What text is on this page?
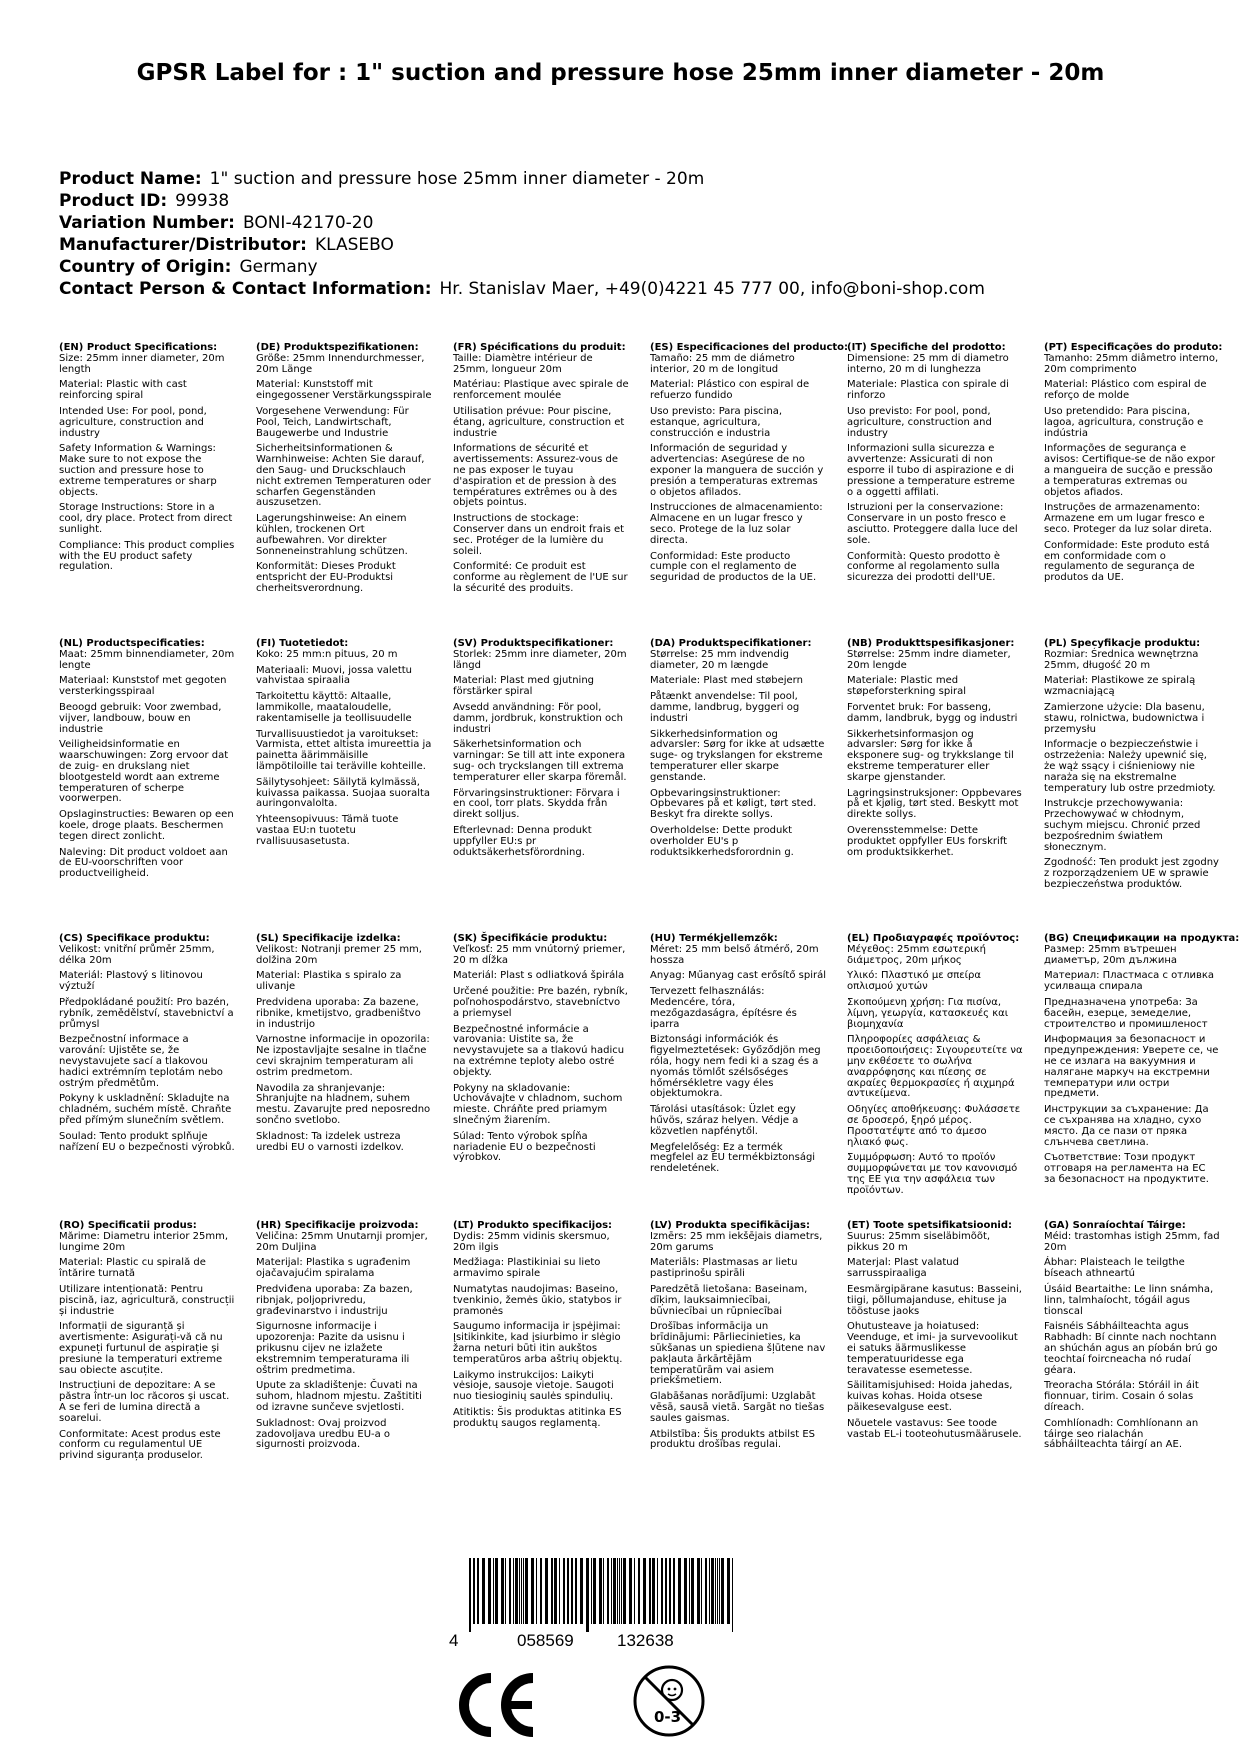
GPSR Label for : 1" suction and pressure hose 25mm inner diameter - 20m
Product Name: 1" suction and pressure hose 25mm inner diameter - 20m
Product ID: 99938
Variation Number: BONI-42170-20
Manufacturer/Distributor: KLASEBO
Country of Origin: Germany
Contact Person & Contact Information: Hr. Stanislav Maer, +49(0)4221 45 777 00, info@boni-shop.com
(EN) Product Specifications:

Size: 25mm inner diameter, 20m length

Material: Plastic with cast reinforcing spiral

Intended Use: For pool, pond, agriculture, construction and industry

Safety Information & Warnings: Make sure to not expose the suction and pressure hose to extreme temperatures or sharp objects.

Storage Instructions: Store in a cool, dry place. Protect from direct sunlight.

Compliance: This product complies with the EU product safety regulation.

(DE) Produktspezifikationen:

Größe: 25mm Innendurchmesser, 20m Länge

Material: Kunststoff mit eingegossener Verstärkungsspirale

Vorgesehene Verwendung: Für Pool, Teich, Landwirtschaft, Baugewerbe und Industrie

Sicherheitsinformationen & Warnhinweise: Achten Sie darauf, den Saug- und Druckschlauch nicht extremen Temperaturen oder scharfen Gegenständen auszusetzen.

Lagerungshinweise: An einem kühlen, trockenen Ort aufbewahren. Vor direkter Sonneneinstrahlung schützen.

Konformität: Dieses Produkt entspricht der EU-Produktsi cherheitsverordnung.

(FR) Spécifications du produit:

Taille: Diamètre intérieur de 25mm, longueur 20m

Matériau: Plastique avec spirale de renforcement moulée

Utilisation prévue: Pour piscine, étang, agriculture, construction et industrie

Informations de sécurité et avertissements: Assurez-vous de ne pas exposer le tuyau d'aspiration et de pression à des températures extrêmes ou à des objets pointus.

Instructions de stockage: Conserver dans un endroit frais et sec. Protéger de la lumière du soleil.

Conformité: Ce produit est conforme au règlement de l'UE sur la sécurité des produits.

(ES) Especificaciones del producto:

Tamaño: 25 mm de diámetro interior, 20 m de longitud

Material: Plástico con espiral de refuerzo fundido

Uso previsto: Para piscina, estanque, agricultura, construcción e industria

Información de seguridad y advertencias: Asegúrese de no exponer la manguera de succión y presión a temperaturas extremas o objetos afilados.

Instrucciones de almacenamiento: Almacene en un lugar fresco y seco. Protege de la luz solar directa.

Conformidad: Este producto cumple con el reglamento de seguridad de productos de la UE.

(IT) Specifiche del prodotto:

Dimensione: 25 mm di diametro interno, 20 m di lunghezza

Materiale: Plastica con spirale di rinforzo

Uso previsto: For pool, pond, agriculture, construction and industry

Informazioni sulla sicurezza e avvertenze: Assicurati di non esporre il tubo di aspirazione e di pressione a temperature estreme o a oggetti affilati.

Istruzioni per la conservazione: Conservare in un posto fresco e asciutto. Proteggere dalla luce del sole.

Conformità: Questo prodotto è conforme al regolamento sulla sicurezza dei prodotti dell'UE.

(PT) Especificações do produto:

Tamanho: 25mm diâmetro interno, 20m comprimento

Material: Plástico com espiral de reforço de molde

Uso pretendido: Para piscina, lagoa, agricultura, construção e indústria

Informações de segurança e avisos: Certifique-se de não expor a mangueira de sucção e pressão a temperaturas extremas ou objetos afiados.

Instruções de armazenamento: Armazene em um lugar fresco e seco. Proteger da luz solar direta.

Conformidade: Este produto está em conformidade com o regulamento de segurança de produtos da UE.

(NL) Productspecificaties:

Maat: 25mm binnendiameter, 20m lengte

Materiaal: Kunststof met gegoten versterkingsspiraal

Beoogd gebruik: Voor zwembad, vijver, landbouw, bouw en industrie

Veiligheidsinformatie en waarschuwingen: Zorg ervoor dat de zuig- en drukslang niet blootgesteld wordt aan extreme temperaturen of scherpe voorwerpen.

Opslaginstructies: Bewaren op een koele, droge plaats. Beschermen tegen direct zonlicht.

Naleving: Dit product voldoet aan de EU-voorschriften voor productveiligheid.

(FI) Tuotetiedot:

Koko: 25 mm:n pituus, 20 m

Materiaali: Muovi, jossa valettu vahvistaa spiraalia

Tarkoitettu käyttö: Altaalle, lammikolle, maataloudelle, rakentamiselle ja teollisuudelle

Turvallisuustiedot ja varoitukset: Varmista, ettet altista imureettia ja painetta äärimmäisille lämpötiloille tai teräville kohteille.

Säilytysohjeet: Säilytä kylmässä, kuivassa paikassa. Suojaa suoralta auringonvalolta.

Yhteensopivuus: Tämä tuote vastaa EU:n tuotetu rvallisuusasetusta.

(SV) Produktspecifikationer:

Storlek: 25mm inre diameter, 20m längd

Material: Plast med gjutning förstärker spiral

Avsedd användning: För pool, damm, jordbruk, konstruktion och industri

Säkerhetsinformation och varningar: Se till att inte exponera sug- och tryckslangen till extrema temperaturer eller skarpa föremål.

Förvaringsinstruktioner: Förvara i en cool, torr plats. Skydda från direkt solljus.

Efterlevnad: Denna produkt uppfyller EU:s pr oduktsäkerhetsförordning.

(DA) Produktspecifikationer:

Størrelse: 25 mm indvendig diameter, 20 m længde

Materiale: Plast med støbejern

Påtænkt anvendelse: Til pool, damme, landbrug, byggeri og industri

Sikkerhedsinformation og advarsler: Sørg for ikke at udsætte suge- og trykslangen for ekstreme temperaturer eller skarpe genstande.

Opbevaringsinstruktioner: Opbevares på et køligt, tørt sted. Beskyt fra direkte sollys.

Overholdelse: Dette produkt overholder EU's p roduktsikkerhedsforordnin g.

(NB) Produkttspesifikasjoner:

Størrelse: 25mm indre diameter, 20m lengde

Materiale: Plastic med støpeforsterkning spiral

Forventet bruk: For basseng, damm, landbruk, bygg og industri

Sikkerhetsinformasjon og advarsler: Sørg for ikke å eksponere sug- og trykkslange til ekstreme temperaturer eller skarpe gjenstander.

Lagringsinstruksjoner: Oppbevares på et kjølig, tørt sted. Beskytt mot direkte sollys.

Overensstemmelse: Dette produktet oppfyller EUs forskrift om produktsikkerhet.

(PL) Specyfikacje produktu:

Rozmiar: Średnica wewnętrzna 25mm, długość 20 m

Materiał: Plastikowe ze spiralą wzmacniającą

Zamierzone użycie: Dla basenu, stawu, rolnictwa, budownictwa i przemysłu

Informacje o bezpieczeństwie i ostrzeżenia: Należy upewnić się, że wąż ssący i ciśnieniowy nie naraża się na ekstremalne temperatury lub ostre przedmioty.

Instrukcje przechowywania: Przechowywać w chłodnym, suchym miejscu. Chronić przed bezpośrednim światłem słonecznym.

Zgodność: Ten produkt jest zgodny z rozporządzeniem UE w sprawie bezpieczeństwa produktów.

(CS) Specifikace produktu:

Velikost: vnitřní průměr 25mm, délka 20m

Materiál: Plastový s litinovou výztuží

Předpokládané použití: Pro bazén, rybník, zemědělství, stavebnictví a průmysl

Bezpečnostní informace a varování: Ujistěte se, že nevystavujete sací a tlakovou hadici extrémním teplotám nebo ostrým předmětům.

Pokyny k uskladnění: Skladujte na chladném, suchém místě. Chraňte před přímým slunečním světlem.

Soulad: Tento produkt splňuje nařízení EU o bezpečnosti výrobků.

(SL) Specifikacije izdelka:

Velikost: Notranji premer 25 mm, dolžina 20m

Material: Plastika s spiralo za ulivanje

Predvidena uporaba: Za bazene, ribnike, kmetijstvo, gradbeništvo in industrijo

Varnostne informacije in opozorila: Ne izpostavljajte sesalne in tlačne cevi skrajnim temperaturam ali ostrim predmetom.

Navodila za shranjevanje: Shranjujte na hladnem, suhem mestu. Zavarujte pred neposredno sončno svetlobo.

Skladnost: Ta izdelek ustreza uredbi EU o varnosti izdelkov.

(SK) Špecifikácie produktu:

Veľkosť: 25 mm vnútorný priemer, 20 m dĺžka

Materiál: Plast s odliatková špirála

Určené použitie: Pre bazén, rybník, poľnohospodárstvo, stavebníctvo a priemysel

Bezpečnostné informácie a varovania: Uistite sa, že nevystavujete sa a tlakovú hadicu na extrémne teploty alebo ostré objekty.

Pokyny na skladovanie: Uchovávajte v chladnom, suchom mieste. Chráňte pred priamym slnečným žiarením.

Súlad: Tento výrobok spĺňa nariadenie EU o bezpečnosti výrobkov.

(HU) Termékjellemzők:

Méret: 25 mm belső átmérő, 20m hossza

Anyag: Műanyag cast erősítő spirál

Tervezett felhasználás: Medencére, tóra, mezőgazdaságra, építésre és iparra

Biztonsági információk és figyelmeztetések: Győződjön meg róla, hogy nem fedi ki a szag és a nyomás tömlőt szélsőséges hőmérsékletre vagy éles objektumokra.

Tárolási utasítások: Üzlet egy hűvös, száraz helyen. Védje a közvetlen napfénytől.

Megfelelőség: Ez a termék megfelel az EU termékbiztonsági rendeletének.

(EL) Προδιαγραφές προϊόντος:

Μέγεθος: 25mm εσωτερική διάμετρος, 20m μήκος

Υλικό: Πλαστικό με σπείρα οπλισμού χυτών

Σκοπούμενη χρήση: Για πισίνα, λίμνη, γεωργία, κατασκευές και βιομηχανία

Πληροφορίες ασφάλειας & προειδοποιήσεις: Σιγουρευτείτε να μην εκθέσετε το σωλήνα αναρρόφησης και πίεσης σε ακραίες θερμοκρασίες ή αιχμηρά αντικείμενα.

Οδηγίες αποθήκευσης: Φυλάσσετε σε δροσερό, ξηρό μέρος. Προστατέψτε από το άμεσο ηλιακό φως.

Συμμόρφωση: Αυτό το προϊόν συμμορφώνεται με τον κανονισμό της ΕΕ για την ασφάλεια των προϊόντων.

(BG) Спецификации на продукта:

Размер: 25mm вътрешен диаметър, 20m дължина

Материал: Пластмаса с отливка усилваща спирала

Предназначена употреба: За басейн, езерце, земеделие, строителство и промишленост

Информация за безопасност и предупреждения: Уверете се, че не се излага на вакуумния и налягане маркуч на екстремни температури или остри предмети.

Инструкции за съхранение: Да се съхранява на хладно, сухо място. Да се пази от пряка слънчева светлина.

Съответствие: Този продукт отговаря на регламента на ЕС за безопасност на продуктите.

(RO) Specificatii produs:

Mărime: Diametru interior 25mm, lungime 20m

Material: Plastic cu spirală de întărire turnată

Utilizare intenționată: Pentru piscină, iaz, agricultură, construcții și industrie

Informații de siguranță și avertismente: Asigurați-vă că nu expuneți furtunul de aspirație și presiune la temperaturi extreme sau obiecte ascuțite.

Instrucțiuni de depozitare: A se păstra într-un loc răcoros și uscat. A se feri de lumina directă a soarelui.

Conformitate: Acest produs este conform cu regulamentul UE privind siguranța produselor.

(HR) Specifikacije proizvoda:

Veličina: 25mm Unutarnji promjer, 20m Duljina

Materijal: Plastika s ugrađenim ojačavajućim spiralama

Predviđena uporaba: Za bazen, ribnjak, poljoprivredu, građevinarstvo i industriju

Sigurnosne informacije i upozorenja: Pazite da usisnu i prikusnu cijev ne izlažete ekstremnim temperaturama ili oštrim predmetima.

Upute za skladištenje: Čuvati na suhom, hladnom mjestu. Zaštititi od izravne sunčeve svjetlosti.

Sukladnost: Ovaj proizvod zadovoljava uredbu EU-a o sigurnosti proizvoda.

(LT) Produkto specifikacijos:

Dydis: 25mm vidinis skersmuo, 20m ilgis

Medžiaga: Plastikiniai su lieto armavimo spirale

Numatytas naudojimas: Baseino, tvenkinio, žemės ūkio, statybos ir pramonės

Saugumo informacija ir įspėjimai: Įsitikinkite, kad įsiurbimo ir slėgio žarna neturi būti itin aukštos temperatūros arba aštrių objektų.

Laikymo instrukcijos: Laikyti vėsioje, sausoje vietoje. Saugoti nuo tiesioginių saulės spindulių.

Atitiktis: Šis produktas atitinka ES produktų saugos reglamentą.

(LV) Produkta specifikācijas:

Izmērs: 25 mm iekšējais diametrs, 20m garums

Materiāls: Plastmasas ar lietu pastiprinošu spirāli

Paredzētā lietošana: Baseinam, dīķim, lauksaimniecībai, būvniecībai un rūpniecībai

Drošības informācija un brīdinājumi: Pārliecinieties, ka sūkšanas un spiediena šļūtene nav pakļauta ārkārtējām temperatūrām vai asiem priekšmetiem.

Glabāšanas norādījumi: Uzglabāt vēsā, sausā vietā. Sargāt no tiešas saules gaismas.

Atbilstība: Šis produkts atbilst ES produktu drošības regulai.

(ET) Toote spetsifikatsioonid:

Suurus: 25mm siseläbimõõt, pikkus 20 m

Materjal: Plast valatud sarrusspiraaliga

Eesmärgipärane kasutus: Basseini, tiigi, põllumajanduse, ehituse ja tööstuse jaoks

Ohutusteave ja hoiatused: Veenduge, et imi- ja survevoolikut ei satuks äärmuslikesse temperatuuridesse ega teravatesse esemetesse.

Säilitamisjuhised: Hoida jahedas, kuivas kohas. Hoida otsese päikesevalguse eest.

Nõuetele vastavus: See toode vastab EL-i tooteohutusmäärusele.

(GA) Sonraíochtaí Táirge:

Méid: trastomhas istigh 25mm, fad 20m

Ábhar: Plaisteach le teilgthe bíseach athneartú

Úsáid Beartaithe: Le linn snámha, linn, talmhaíocht, tógáil agus tionscal

Faisnéis Sábháilteachta agus Rabhadh: Bí cinnte nach nochtann an shúchán agus an píobán brú go teochtaí foircneacha nó rudaí géara.

Treoracha Stórála: Stóráil in áit fionnuar, tirim. Cosain ó solas díreach.

Comhlíonadh: Comhlíonann an táirge seo rialachán sábháilteachta táirgí an AE.

4	058569	132638
0-3
